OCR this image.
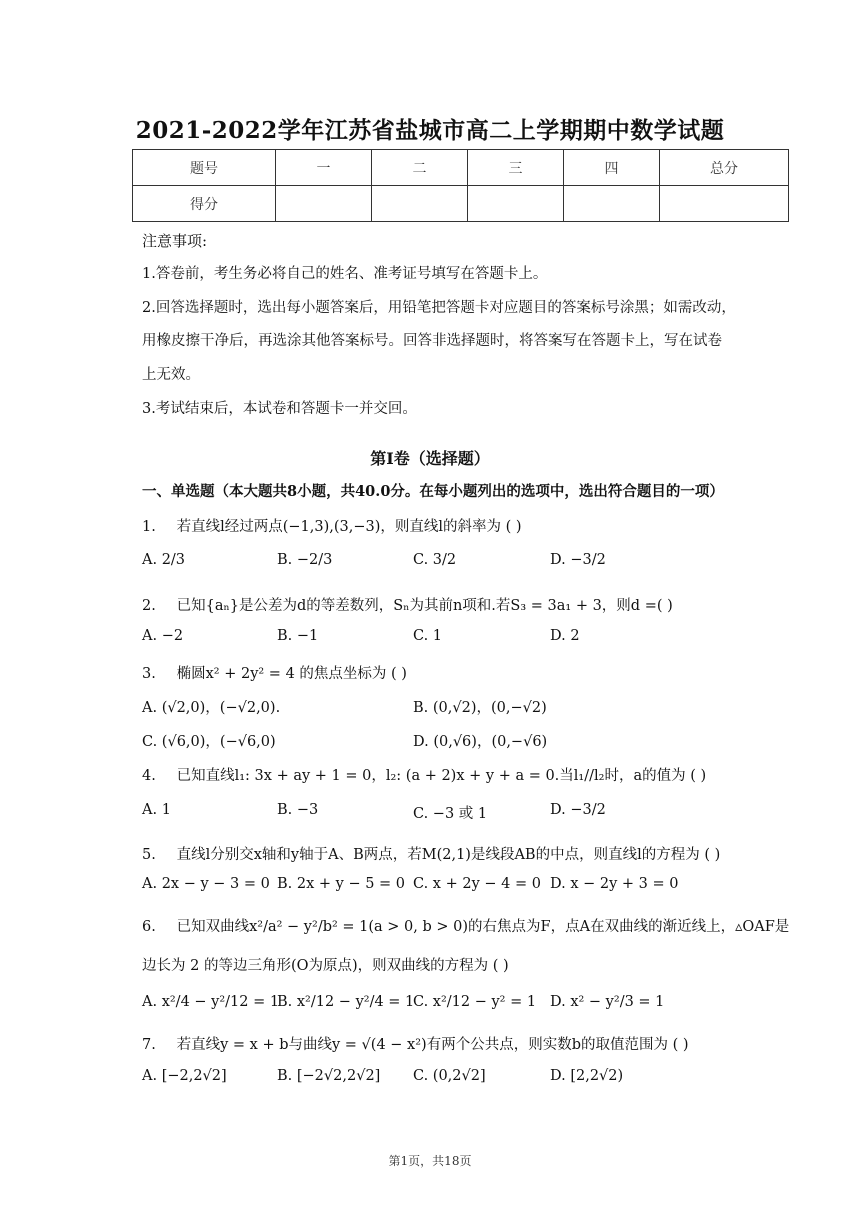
2021-2022学年江苏省盐城市高二上学期期中数学试题
题号	一	二	三	四	总分
得分					
注意事项:
1.答卷前，考生务必将自己的姓名、准考证号填写在答题卡上。
2.回答选择题时，选出每小题答案后，用铅笔把答题卡对应题目的答案标号涂黑；如需改动，
用橡皮擦干净后，再选涂其他答案标号。回答非选择题时，将答案写在答题卡上，写在试卷
上无效。
3.考试结束后，本试卷和答题卡一并交回。
第I卷（选择题）
一、单选题（本大题共8小题，共40.0分。在每小题列出的选项中，选出符合题目的一项）
1. 若直线l经过两点(−1,3),(3,−3)，则直线l的斜率为 ( )
A. 2/3	B. −2/3	C. 3/2	D. −3/2
2. 已知{aₙ}是公差为d的等差数列，Sₙ为其前n项和.若S₃ = 3a₁ + 3，则d =( )
A. −2	B. −1	C. 1	D. 2
3. 椭圆x² + 2y² = 4 的焦点坐标为 ( )
A. (√2,0)，(−√2,0).	B. (0,√2)，(0,−√2)
C. (√6,0)，(−√6,0)	D. (0,√6)，(0,−√6)
4. 已知直线l₁: 3x + ay + 1 = 0，l₂: (a + 2)x + y + a = 0.当l₁//l₂时，a的值为 ( )
A. 1	B. −3	C. −3 或 1	D. −3/2
5. 直线l分别交x轴和y轴于A、B两点，若M(2,1)是线段AB的中点，则直线l的方程为 ( )
A. 2x − y − 3 = 0 B. 2x + y − 5 = 0 C. x + 2y − 4 = 0 D. x − 2y + 3 = 0
6. 已知双曲线x²/a² − y²/b² = 1(a > 0, b > 0)的右焦点为F，点A在双曲线的渐近线上，▵OAF是
边长为 2 的等边三角形(O为原点)，则双曲线的方程为 ( )
A. x²/4 − y²/12 = 1
B. x²/12 − y²/4 = 1
C. x²/12 − y² = 1 D. x² − y²/3 = 1
7. 若直线y = x + b与曲线y = √(4 − x²)有两个公共点，则实数b的取值范围为 ( )
A. [−2,2√2]	B. [−2√2,2√2] C. (0,2√2]	D. [2,2√2)
第1页，共18页
